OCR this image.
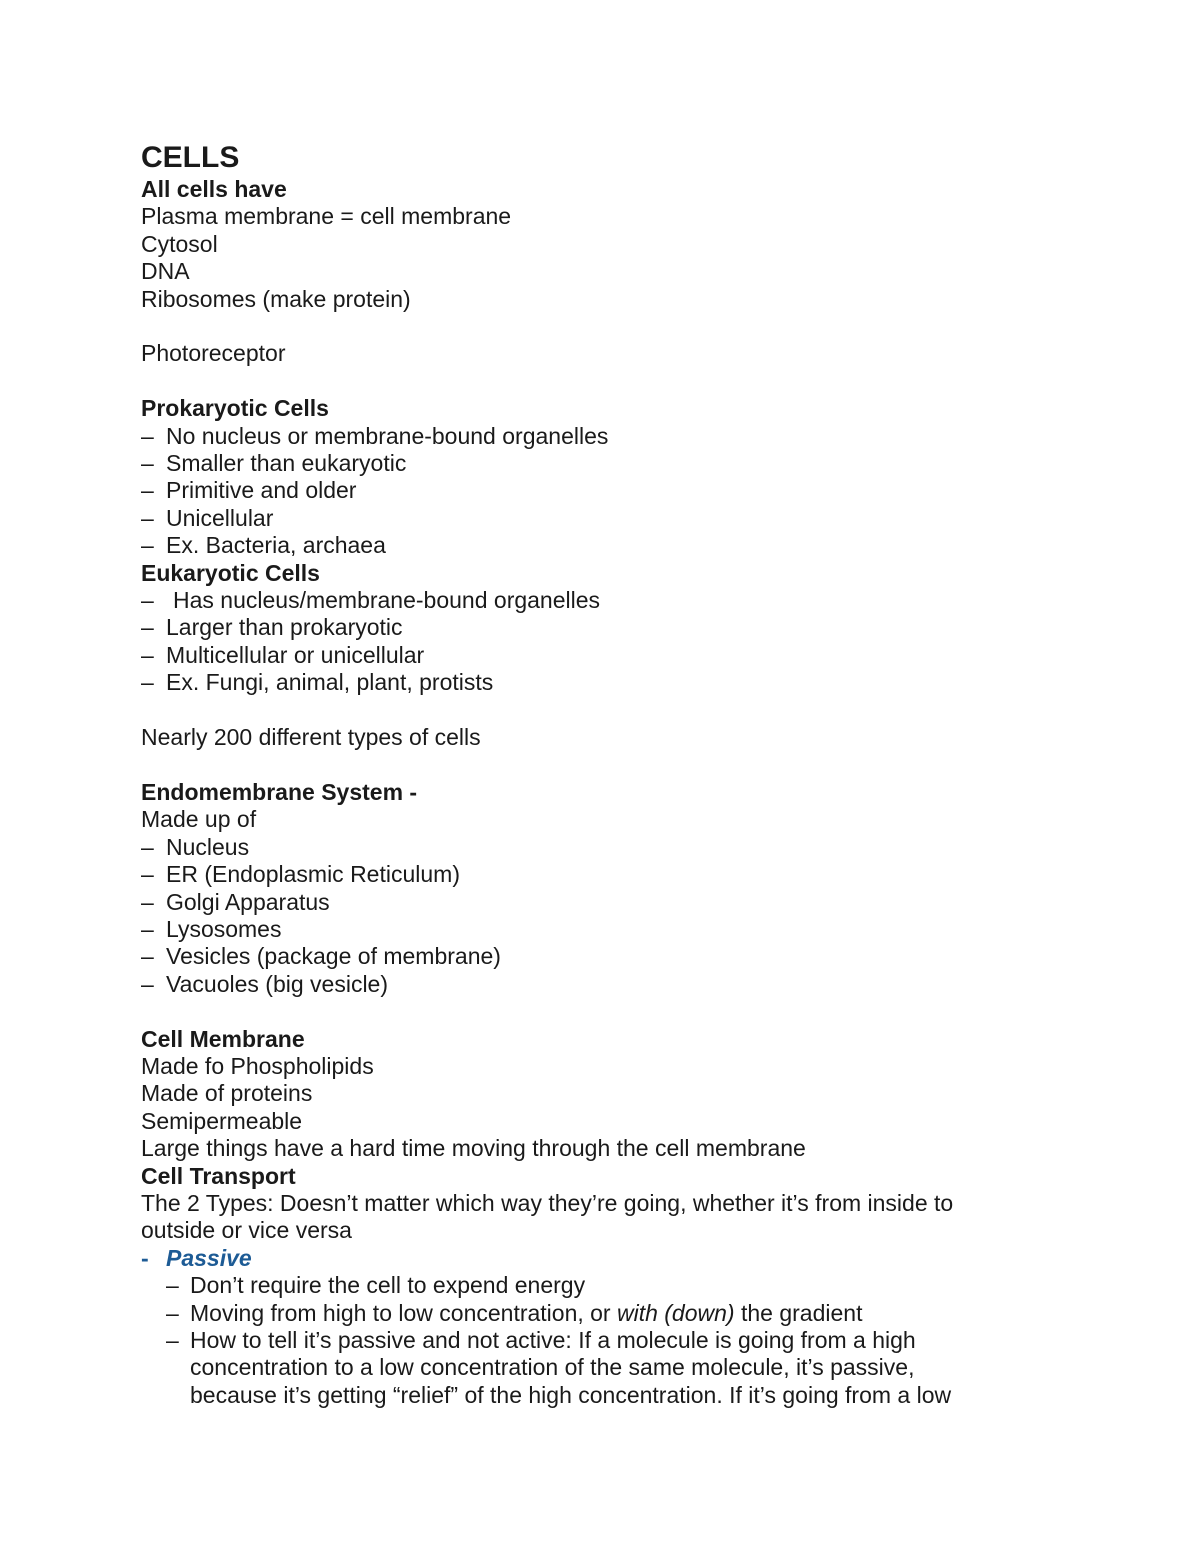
CELLS
All cells have
Plasma membrane = cell membrane
Cytosol
DNA
Ribosomes (make protein)
Photoreceptor
Prokaryotic Cells
– No nucleus or membrane-bound organelles
– Smaller than eukaryotic
– Primitive and older
– Unicellular
– Ex. Bacteria, archaea
Eukaryotic Cells
– Has nucleus/membrane-bound organelles
– Larger than prokaryotic
– Multicellular or unicellular
– Ex. Fungi, animal, plant, protists
Nearly 200 different types of cells
Endomembrane System -
Made up of
– Nucleus
– ER (Endoplasmic Reticulum)
– Golgi Apparatus
– Lysosomes
– Vesicles (package of membrane)
– Vacuoles (big vesicle)
Cell Membrane
Made fo Phospholipids
Made of proteins
Semipermeable
Large things have a hard time moving through the cell membrane
Cell Transport
The 2 Types: Doesn’t matter which way they’re going, whether it’s from inside to
outside or vice versa
- Passive
– Don’t require the cell to expend energy
– Moving from high to low concentration, or with (down) the gradient
– How to tell it’s passive and not active: If a molecule is going from a high
concentration to a low concentration of the same molecule, it’s passive,
because it’s getting “relief” of the high concentration. If it’s going from a low
